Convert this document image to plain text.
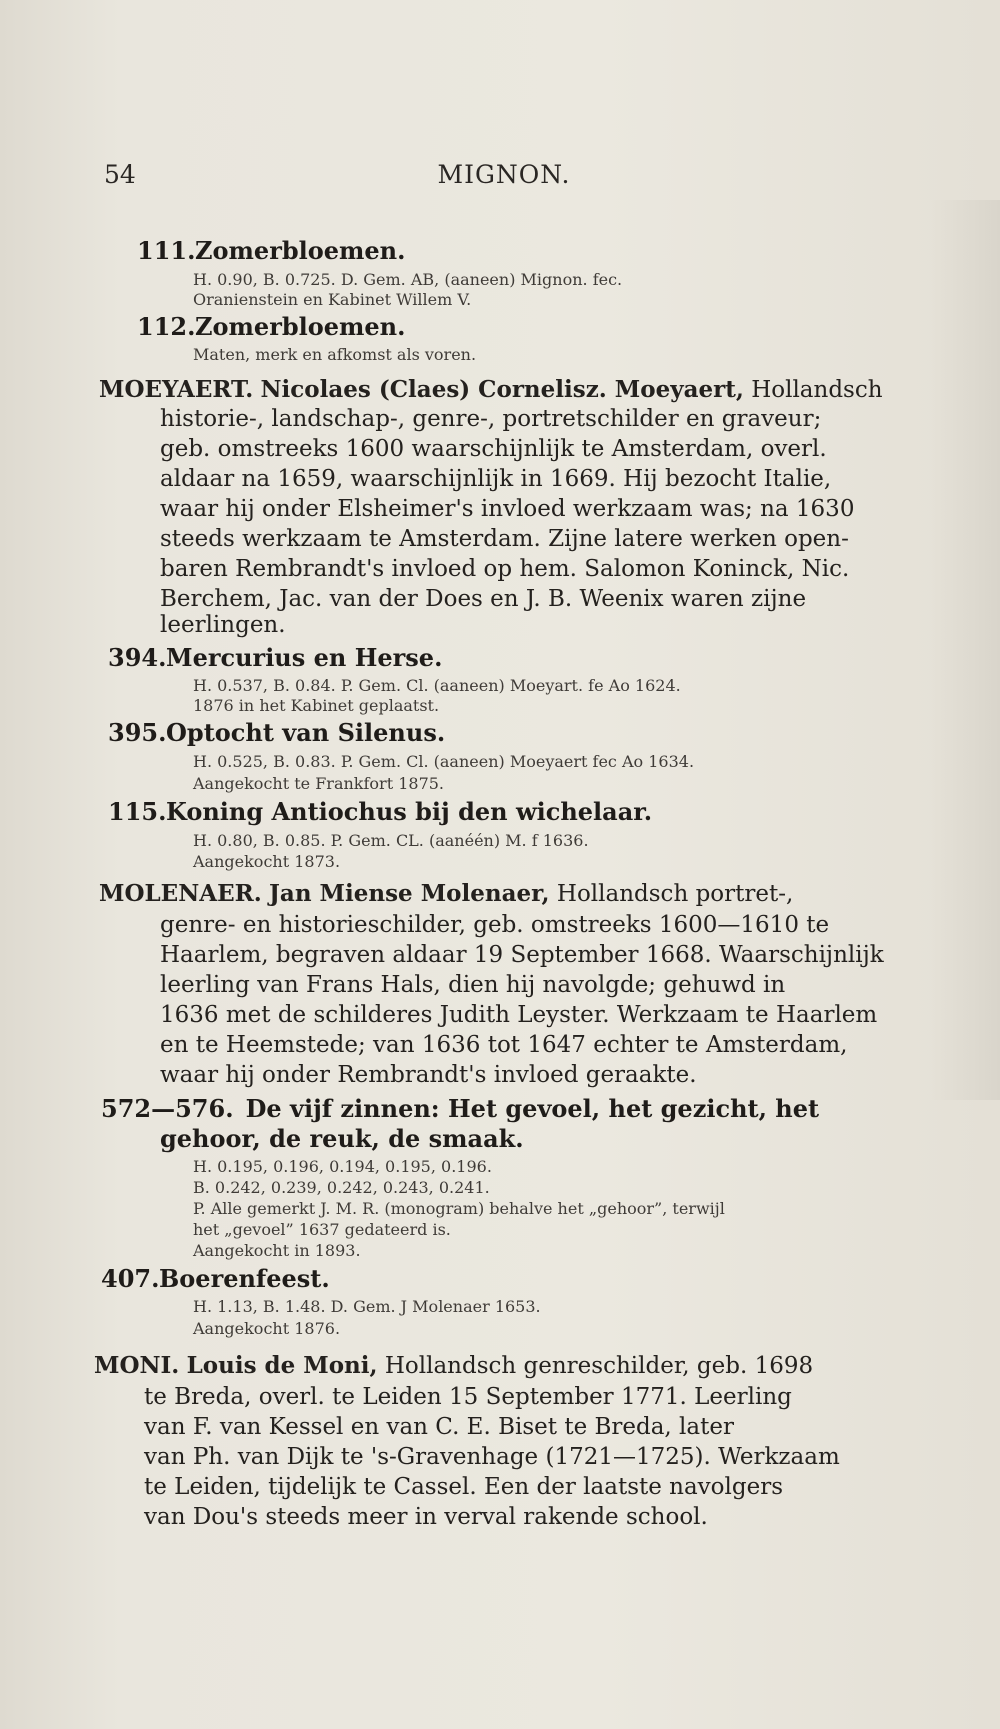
MIGNON.
54
111.Zomerbloemen.
H. 0.90, B. 0.725. D. Gem. AB, (aaneen) Mignon. fec.
Oranienstein en Kabinet Willem V.
112.Zomerbloemen.
Maten, merk en afkomst als voren.
MOEYAERT. Nicolaes (Claes) Cornelisz. Moeyaert, Hollandsch
historie-, landschap-, genre-, portretschilder en graveur;
geb. omstreeks 1600 waarschijnlijk te Amsterdam, overl.
aldaar na 1659, waarschijnlijk in 1669. Hij bezocht Italie,
waar hij onder Elsheimer's invloed werkzaam was; na 1630
steeds werkzaam te Amsterdam. Zijne latere werken open-
baren Rembrandt's invloed op hem. Salomon Koninck, Nic.
Berchem, Jac. van der Does en J. B. Weenix waren zijne
leerlingen.
394.Mercurius en Herse.
H. 0.537, B. 0.84. P. Gem. Cl. (aaneen) Moeyart. fe Ao 1624.
1876 in het Kabinet geplaatst.
395.Optocht van Silenus.
H. 0.525, B. 0.83. P. Gem. Cl. (aaneen) Moeyaert fec Ao 1634.
Aangekocht te Frankfort 1875.
115.Koning Antiochus bij den wichelaar.
H. 0.80, B. 0.85. P. Gem. CL. (aanéén) M. f 1636.
Aangekocht 1873.
MOLENAER. Jan Miense Molenaer, Hollandsch portret-,
genre- en historieschilder, geb. omstreeks 1600—1610 te
Haarlem, begraven aldaar 19 September 1668. Waarschijnlijk
leerling van Frans Hals, dien hij navolgde; gehuwd in
1636 met de schilderes Judith Leyster. Werkzaam te Haarlem
en te Heemstede; van 1636 tot 1647 echter te Amsterdam,
waar hij onder Rembrandt's invloed geraakte.
572—576. De vijf zinnen: Het gevoel, het gezicht, het
gehoor, de reuk, de smaak.
H. 0.195, 0.196, 0.194, 0.195, 0.196.
B. 0.242, 0.239, 0.242, 0.243, 0.241.
P. Alle gemerkt J. M. R. (monogram) behalve het „gehoor”, terwijl
het „gevoel” 1637 gedateerd is.
Aangekocht in 1893.
407.Boerenfeest.
H. 1.13, B. 1.48. D. Gem. J Molenaer 1653.
Aangekocht 1876.
MONI. Louis de Moni, Hollandsch genreschilder, geb. 1698
te Breda, overl. te Leiden 15 September 1771. Leerling
van F. van Kessel en van C. E. Biset te Breda, later
van Ph. van Dijk te 's-Gravenhage (1721—1725). Werkzaam
te Leiden, tijdelijk te Cassel. Een der laatste navolgers
van Dou's steeds meer in verval rakende school.
